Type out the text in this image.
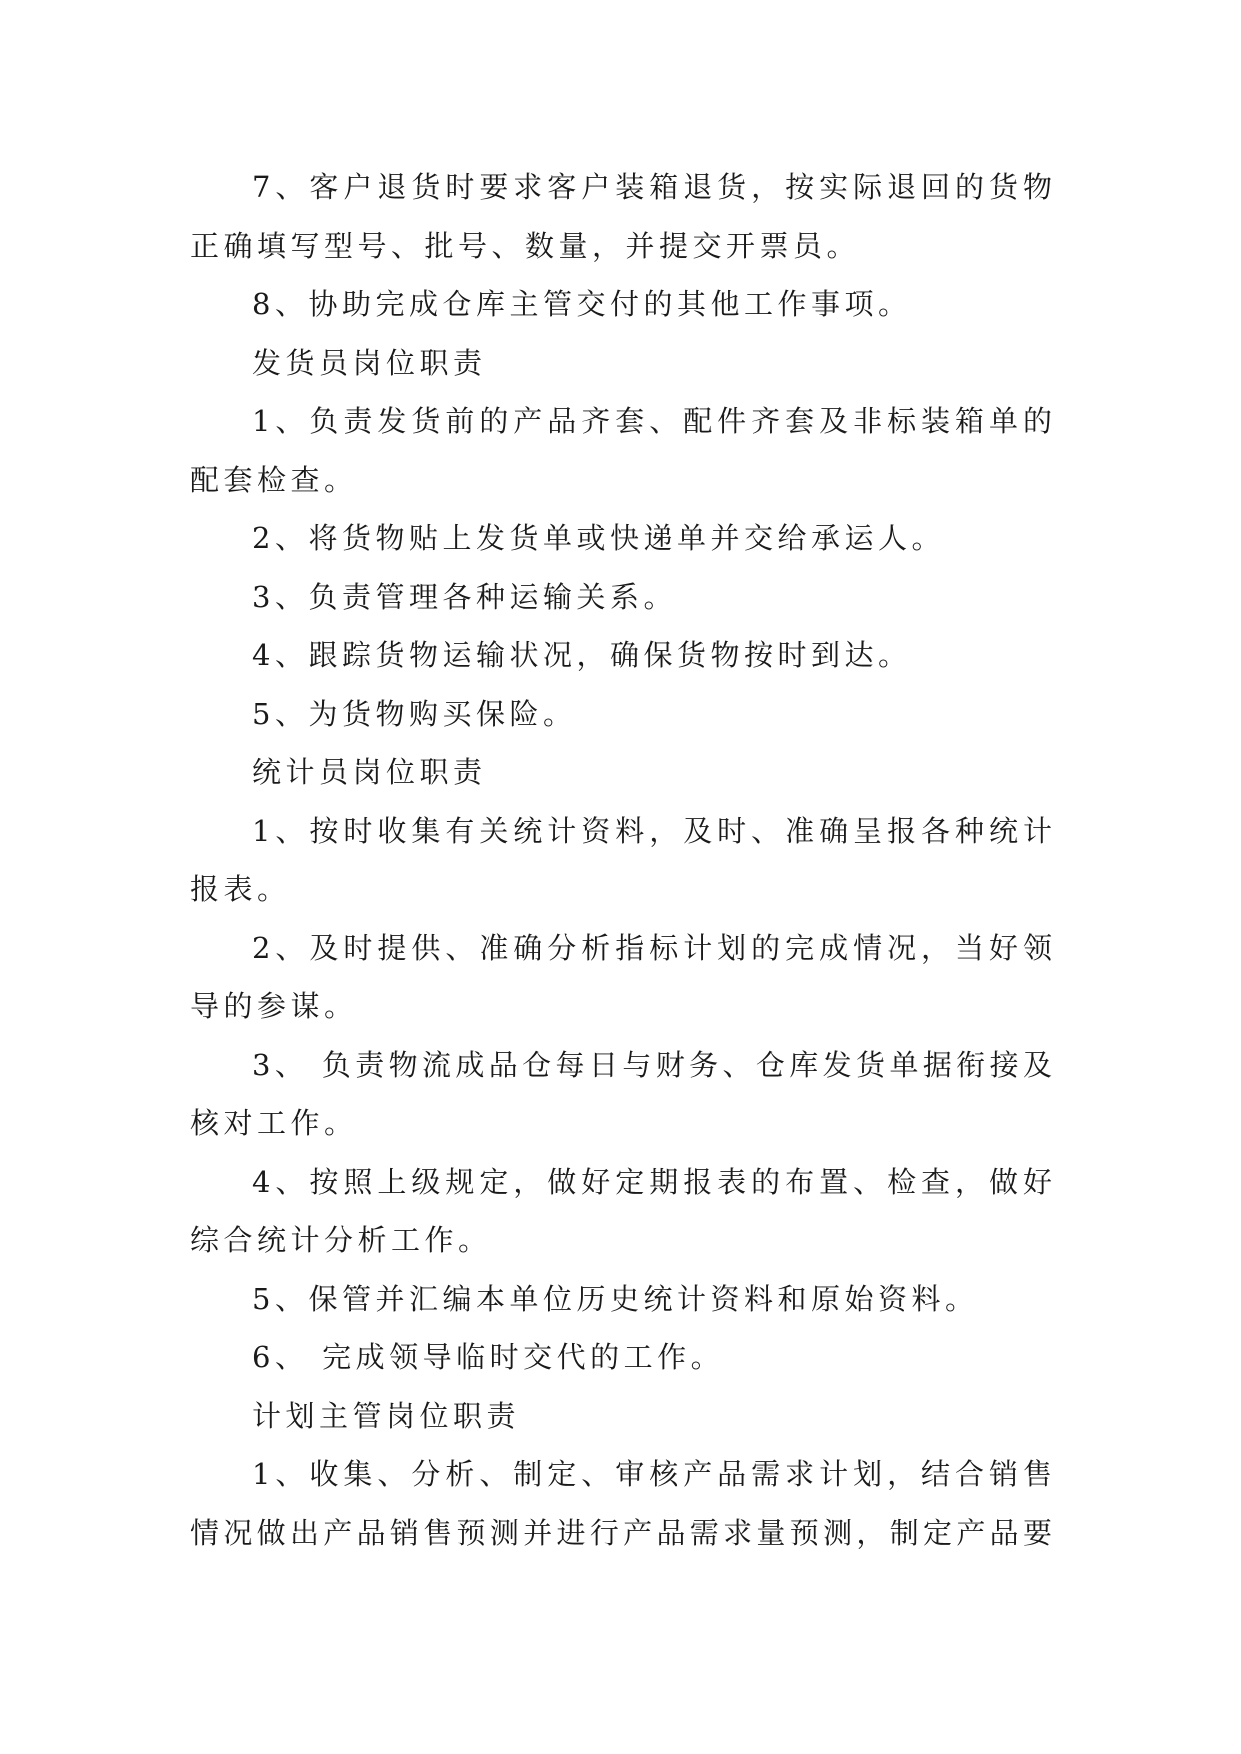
7、客户退货时要求客户装箱退货，按实际退回的货物
正确填写型号、批号、数量，并提交开票员。
8、协助完成仓库主管交付的其他工作事项。
发货员岗位职责
1、负责发货前的产品齐套、配件齐套及非标装箱单的
配套检查。
2、将货物贴上发货单或快递单并交给承运人。
3、负责管理各种运输关系。
4、跟踪货物运输状况，确保货物按时到达。
5、为货物购买保险。
统计员岗位职责
1、按时收集有关统计资料，及时、准确呈报各种统计
报表。
2、及时提供、准确分析指标计划的完成情况，当好领
导的参谋。
3、 负责物流成品仓每日与财务、仓库发货单据衔接及
核对工作。
4、按照上级规定，做好定期报表的布置、检查，做好
综合统计分析工作。
5、保管并汇编本单位历史统计资料和原始资料。
6、 完成领导临时交代的工作。
计划主管岗位职责
1、收集、分析、制定、审核产品需求计划，结合销售
情况做出产品销售预测并进行产品需求量预测，制定产品要
